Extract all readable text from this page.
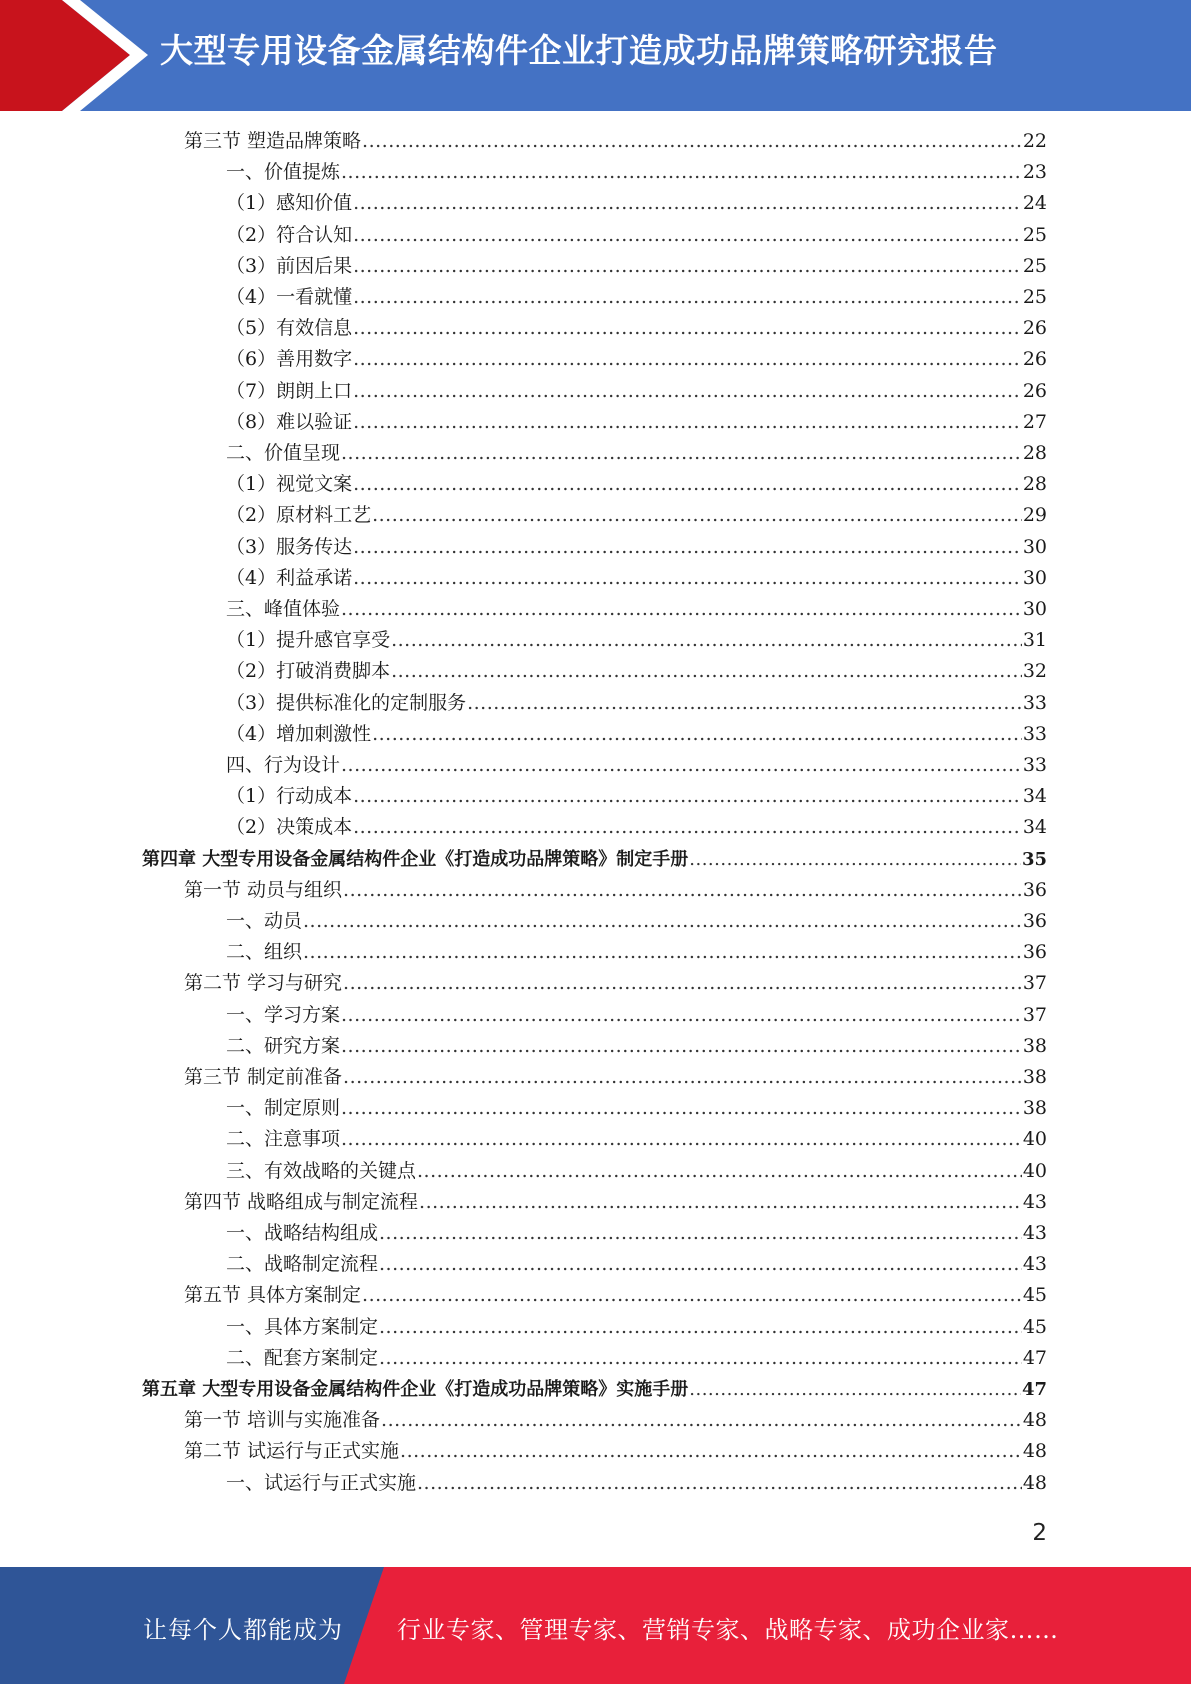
大型专用设备金属结构件企业打造成功品牌策略研究报告
第三节 塑造品牌策略 .....	22
一、价值提炼 .....	23
（1）感知价值 .....	24
（2）符合认知 .....	25
（3）前因后果 .....	25
（4）一看就懂 .....	25
（5）有效信息 .....	26
（6）善用数字 .....	26
（7）朗朗上口 .....	26
（8）难以验证 .....	27
二、价值呈现 .....	28
（1）视觉文案 .....	28
（2）原材料工艺 .....	29
（3）服务传达 .....	30
（4）利益承诺 .....	30
三、峰值体验 .....	30
（1）提升感官享受 .....	31
（2）打破消费脚本 .....	32
（3）提供标准化的定制服务 .....	33
（4）增加刺激性 .....	33
四、行为设计 .....	33
（1）行动成本 .....	34
（2）决策成本 .....	34
第四章 大型专用设备金属结构件企业《打造成功品牌策略》制定手册 .....	35
第一节 动员与组织 .....	36
一、动员 .....	36
二、组织 .....	36
第二节 学习与研究 .....	37
一、学习方案 .....	37
二、研究方案 .....	38
第三节 制定前准备 .....	38
一、制定原则 .....	38
二、注意事项 .....	40
三、有效战略的关键点 .....	40
第四节 战略组成与制定流程 .....	43
一、战略结构组成 .....	43
二、战略制定流程 .....	43
第五节 具体方案制定 .....	45
一、具体方案制定 .....	45
二、配套方案制定 .....	47
第五章 大型专用设备金属结构件企业《打造成功品牌策略》实施手册 .....	47
第一节 培训与实施准备 .....	48
第二节 试运行与正式实施 .....	48
一、试运行与正式实施 .....	48
2
让每个人都能成为 行业专家、管理专家、营销专家、战略专家、成功企业家……
